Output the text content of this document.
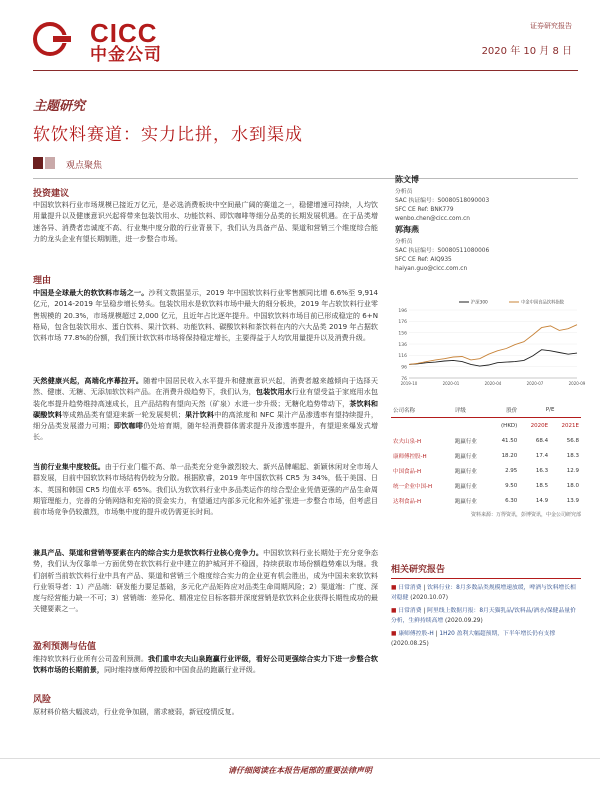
CICC
中金公司
证券研究报告
2020 年 10 月 8 日
主题研究
软饮料赛道：实力比拼，水到渠成
观点聚焦
投资建议
中国软饮料行业市场规模已接近万亿元，是必选消费板块中空间最广阔的赛道之一，稳健增速可持续，人均饮用量提升以及健康意识兴起将带来包装饮用水、功能饮料、即饮咖啡等细分品类的长期发展机遇。在于品类增速各异、消费者忠诚度不高、行业集中度分散的行业背景下，我们认为具备产品、渠道和营销三个维度综合能力的龙头企业有望长期制胜，进一步整合市场。
理由
中国是全球最大的软饮料市场之一。沙利文数据显示，2019 年中国软饮料行业零售额同比增 6.6%至 9,914 亿元，2014-2019 年呈稳步增长势头。包装饮用水是软饮料市场中最大的细分板块，2019 年占软饮料行业零售规模的 20.3%，市场规模超过 2,000 亿元，且近年占比逐年提升。中国软饮料市场目前已形成稳定的 6+N 格局，包含包装饮用水、蛋白饮料、果汁饮料、功能饮料、碳酸饮料和茶饮料在内的六大品类 2019 年占据软饮料市场 77.8%的份额，我们预计软饮料市场将保持稳定增长，主要得益于人均饮用量提升以及消费升级。
天然健康兴起，高端化序幕拉开。随着中国居民收入水平提升和健康意识兴起，消费者越来越倾向于选择天然、健康、无糖、无添加软饮料产品。在消费升级趋势下，我们认为，包装饮用水行业有望受益于家庭用水包装化率提升趋势维持高速成长，且产品结构有望向天然（矿泉）水进一步升级；无糖化趋势带动下，茶饮料和碳酸饮料等成熟品类有望迎来新一轮发展契机；果汁饮料中的高浓度和 NFC 果汁产品渗透率有望持续提升，细分品类发展潜力可期；即饮咖啡仍处培育期，随年轻消费群体需求提升及渗透率提升，有望迎来爆发式增长。
当前行业集中度较低。由于行业门槛不高、单一品类充分竞争激烈较大、新兴品牌崛起、新颖休闲对全市场人群发展，目前中国软饮料市场结构仍较为分散。根据欧睿，2019 年中国软饮料 CR5 为 34%，低于美国、日本、英国和韩国 CR5 均值水平 65%。我们认为软饮料行业中多品类运作的综合型企业凭借更强的产品生命周期管理能力，完善的分销网络和充裕的资金实力，有望通过内部多元化和外延扩张进一步整合市场，但考虑目前市场竞争仍较激烈，市场集中度的提升或仍需更长时间。
兼具产品、渠道和营销等要素在内的综合实力是软饮料行业核心竞争力。中国软饮料行业长期处于充分竞争态势，我们认为仅靠单一方面优势在软饮料行业中建立的护城河并不稳固，持续获取市场份额趋势难以为继。我们剖析当前软饮料行业中具有产品、渠道和营销三个维度综合实力的企业更有机会胜出，成为中国未来软饮料行业领导者：1）产品端：研发能力要足基础，多元化产品矩阵应对品类生命周期风险；2）渠道端：广度、深度与经营能力缺一不可；3）营销端：差异化、精准定位目标客群并深度营销是软饮料企业获得长期性成功的最关键要素之一。
盈利预测与估值
维持软饮料行业所有公司盈利预测。我们重申农夫山泉跑赢行业评级，看好公司更强综合实力下进一步整合软饮料市场的长期前景，同时维持康师傅控股和中国食品的跑赢行业评级。
风险
原材料价格大幅波动，行业竞争加剧，需求疲弱，新冠疫情反复。
陈文博
分析员
SAC 执证编号：S0080518090003
SFC CE Ref: BNK779
wenbo.chen@cicc.com.cn
郭海燕
分析员
SAC 执证编号：S0080511080006
SFC CE Ref: AIQ935
haiyan.guo@cicc.com.cn
76
96
116
136
156
176
196
2019-10	2020-01	2020-04	2020-07	2020-09
沪深300	中金中国食品饮料指数
公司名称	评级	股价	P/E	
		(HKD)	2020E	2021E
农夫山泉-H	跑赢行业	41.50	68.4	56.8
康师傅控股-H	跑赢行业	18.20	17.4	18.3
中国食品-H	跑赢行业	2.95	16.3	12.9
统一企业中国-H	跑赢行业	9.50	18.5	18.0
达利食品-H	跑赢行业	6.30	14.9	13.9
资料来源：万得资讯，彭博资讯，中金公司研究部
相关研究报告
■ 日常消费 | 饮料行业：8月多数品类规模增速放缓，啤酒与饮料增长相对稳健 (2020.10.07)
■ 日常消费 | 阿里线上数据月报：8月天猫乳品/饮料品/酒水/保健品量价分析，生鲜持续高增 (2020.09.29)
■ 康师傅控股-H | 1H20 盈利大幅超预期，下半年增长仍有支撑 (2020.08.25)
请仔细阅读在本报告尾部的重要法律声明
